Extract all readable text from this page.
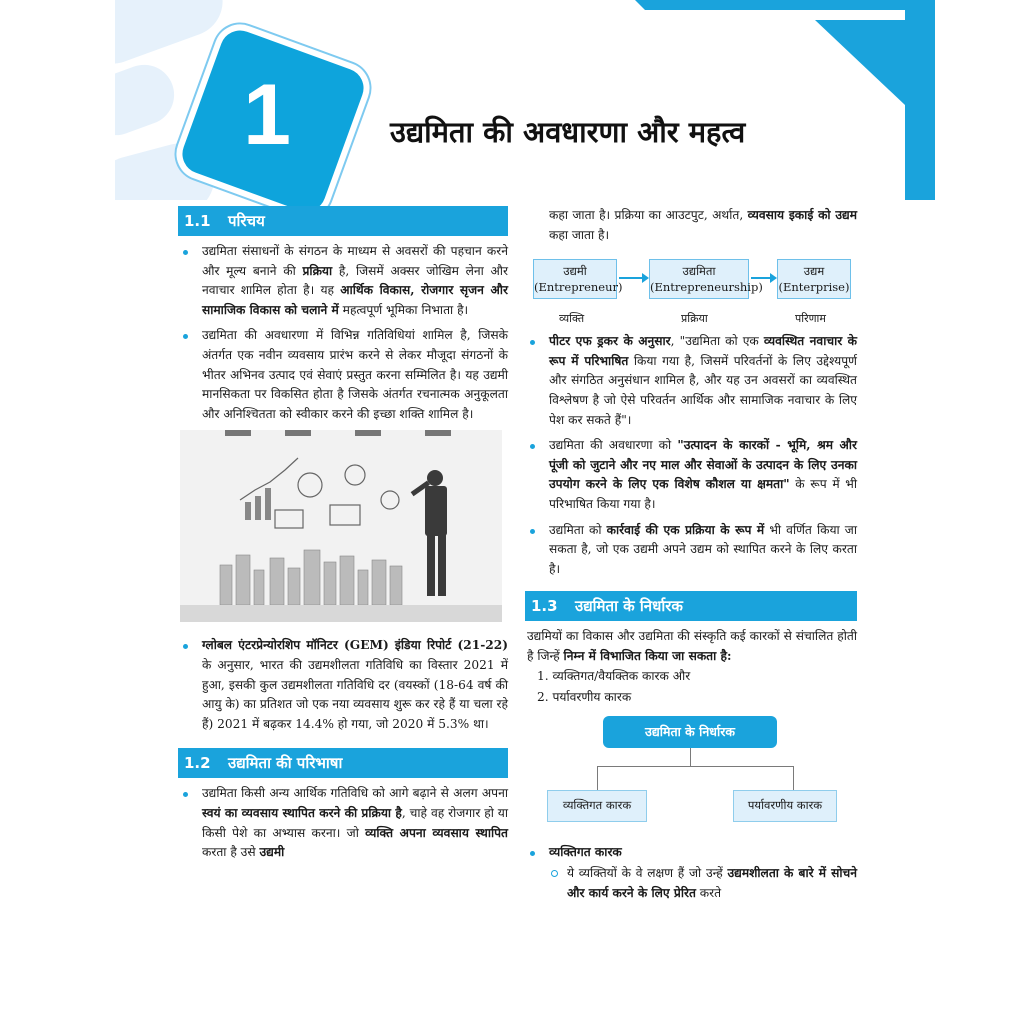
1	उद्यमिता की अवधारणा और महत्व
1.1	परिचय
उद्यमिता संसाधनों के संगठन के माध्यम से अवसरों की पहचान करने और मूल्य बनाने की प्रक्रिया है, जिसमें अक्सर जोखिम लेना और नवाचार शामिल होता है। यह आर्थिक विकास, रोजगार सृजन और सामाजिक विकास को चलाने में महत्वपूर्ण भूमिका निभाता है।
उद्यमिता की अवधारणा में विभिन्न गतिविधियां शामिल है, जिसके अंतर्गत एक नवीन व्यवसाय प्रारंभ करने से लेकर मौजूदा संगठनों के भीतर अभिनव उत्पाद एवं सेवाएं प्रस्तुत करना सम्मिलित है। यह उद्यमी मानसिकता पर विकसित होता है जिसके अंतर्गत रचनात्मक अनुकूलता और अनिश्चितता को स्वीकार करने की इच्छा शक्ति शामिल है।
ग्लोबल एंटरप्रेन्योरशिप मॉनिटर (GEM) इंडिया रिपोर्ट (21-22) के अनुसार, भारत की उद्यमशीलता गतिविधि का विस्तार 2021 में हुआ, इसकी कुल उद्यमशीलता गतिविधि दर (वयस्कों (18-64 वर्ष की आयु के) का प्रतिशत जो एक नया व्यवसाय शुरू कर रहे हैं या चला रहे हैं) 2021 में बढ़कर 14.4% हो गया, जो 2020 में 5.3% था।
1.2	उद्यमिता की परिभाषा
उद्यमिता किसी अन्य आर्थिक गतिविधि को आगे बढ़ाने से अलग अपना स्वयं का व्यवसाय स्थापित करने की प्रक्रिया है, चाहे वह रोजगार हो या किसी पेशे का अभ्यास करना। जो व्यक्ति अपना व्यवसाय स्थापित करता है उसे उद्यमी
कहा जाता है। प्रक्रिया का आउटपुट, अर्थात, व्यवसाय इकाई को उद्यम कहा जाता है।
उद्यमी
(Entrepreneur)
उद्यमिता
(Entrepreneurship)
उद्यम
(Enterprise)
व्यक्ति	प्रक्रिया	परिणाम
पीटर एफ ड्रकर के अनुसार, "उद्यमिता को एक व्यवस्थित नवाचार के रूप में परिभाषित किया गया है, जिसमें परिवर्तनों के लिए उद्देश्यपूर्ण और संगठित अनुसंधान शामिल है, और यह उन अवसरों का व्यवस्थित विश्लेषण है जो ऐसे परिवर्तन आर्थिक और सामाजिक नवाचार के लिए पेश कर सकते हैं"।
उद्यमिता की अवधारणा को "उत्पादन के कारकों - भूमि, श्रम और पूंजी को जुटाने और नए माल और सेवाओं के उत्पादन के लिए उनका उपयोग करने के लिए एक विशेष कौशल या क्षमता" के रूप में भी परिभाषित किया गया है।
उद्यमिता को कार्रवाई की एक प्रक्रिया के रूप में भी वर्णित किया जा सकता है, जो एक उद्यमी अपने उद्यम को स्थापित करने के लिए करता है।
1.3	उद्यमिता के निर्धारक
उद्यमियों का विकास और उद्यमिता की संस्कृति कई कारकों से संचालित होती है जिन्हें निम्न में विभाजित किया जा सकता है:
1. व्यक्तिगत/वैयक्तिक कारक और
2. पर्यावरणीय कारक
उद्यमिता के निर्धारक
व्यक्तिगत कारक	पर्यावरणीय कारक
व्यक्तिगत कारक
ये व्यक्तियों के वे लक्षण हैं जो उन्हें उद्यमशीलता के बारे में सोचने और कार्य करने के लिए प्रेरित करते
